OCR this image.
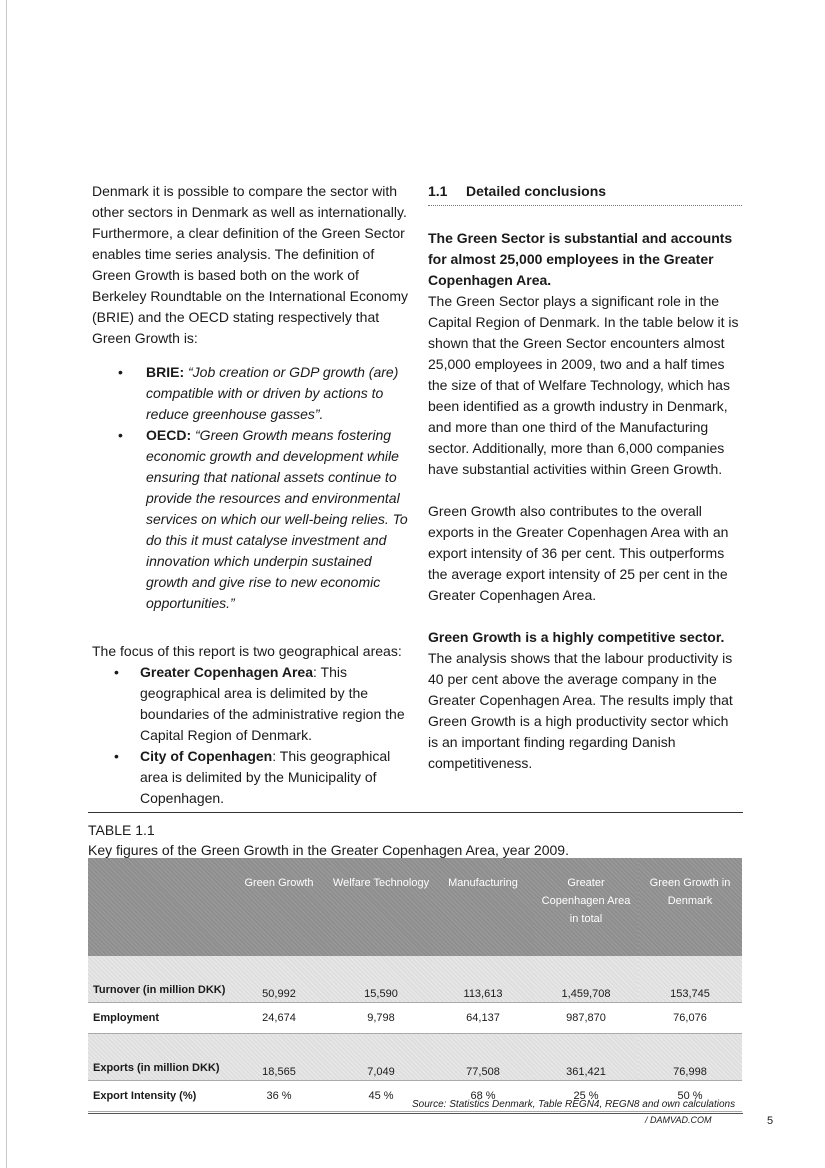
Denmark it is possible to compare the sector with other sectors in Denmark as well as internationally. Furthermore, a clear definition of the Green Sector enables time series analysis. The definition of Green Growth is based both on the work of Berkeley Roundtable on the International Economy (BRIE) and the OECD stating respectively that Green Growth is:

• BRIE: “Job creation or GDP growth (are) compatible with or driven by actions to reduce greenhouse gasses”.
• OECD: “Green Growth means fostering economic growth and development while ensuring that national assets continue to provide the resources and environmental services on which our well-being relies. To do this it must catalyse investment and innovation which underpin sustained growth and give rise to new economic opportunities.”

The focus of this report is two geographical areas:

• Greater Copenhagen Area: This geographical area is delimited by the boundaries of the administrative region the Capital Region of Denmark.
• City of Copenhagen: This geographical area is delimited by the Municipality of Copenhagen.
1.1 Detailed conclusions

The Green Sector is substantial and accounts for almost 25,000 employees in the Greater Copenhagen Area.

The Green Sector plays a significant role in the Capital Region of Denmark. In the table below it is shown that the Green Sector encounters almost 25,000 employees in 2009, two and a half times the size of that of Welfare Technology, which has been identified as a growth industry in Denmark, and more than one third of the Manufacturing sector. Additionally, more than 6,000 companies have substantial activities within Green Growth.

Green Growth also contributes to the overall exports in the Greater Copenhagen Area with an export intensity of 36 per cent. This outperforms the average export intensity of 25 per cent in the Greater Copenhagen Area.

Green Growth is a highly competitive sector.

The analysis shows that the labour productivity is 40 per cent above the average company in the Greater Copenhagen Area. The results imply that Green Growth is a high productivity sector which is an important finding regarding Danish competitiveness.

TABLE 1.1
Key figures of the Green Growth in the Greater Copenhagen Area, year 2009.
	Green Growth	Welfare Technology	Manufacturing	Greater Copenhagen Area in total	Green Growth in Denmark
Turnover (in million DKK)	50,992	15,590	113,613	1,459,708	153,745
Employment	24,674	9,798	64,137	987,870	76,076
Exports (in million DKK)	18,565	7,049	77,508	361,421	76,998
Export Intensity (%)	36 %	45 %	68 %	25 %	50 %
Source: Statistics Denmark, Table REGN4, REGN8 and own calculations
/ DAMVAD.COM	5
